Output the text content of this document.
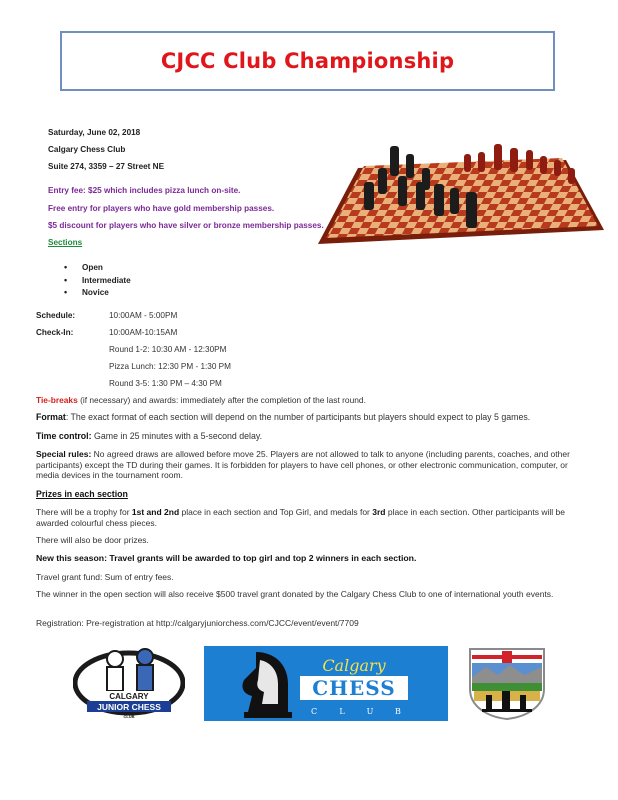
CJCC Club Championship
Saturday, June 02, 2018
Calgary Chess Club
Suite 274, 3359 – 27 Street NE
Entry fee: $25 which includes pizza lunch on-site.
Free entry for players who have gold membership passes.
$5 discount for players who have silver or bronze membership passes.
Sections
• Open
• Intermediate
• Novice
Schedule:	10:00AM - 5:00PM
Check-In:	10:00AM-10:15AM
Round 1-2: 10:30 AM - 12:30PM
Pizza Lunch: 12:30 PM - 1:30 PM
Round 3-5: 1:30 PM – 4:30 PM
Tie-breaks (if necessary) and awards: immediately after the completion of the last round.
Format: The exact format of each section will depend on the number of participants but players should expect to play 5 games.
Time control: Game in 25 minutes with a 5-second delay.
Special rules: No agreed draws are allowed before move 25. Players are not allowed to talk to anyone (including parents, coaches, and other participants) except the TD during their games. It is forbidden for players to have cell phones, or other electronic communication, computer, or media devices in the tournament room.
Prizes in each section
There will be a trophy for 1st and 2nd place in each section and Top Girl, and medals for 3rd place in each section. Other participants will be awarded colourful chess pieces.
There will also be door prizes.
New this season: Travel grants will be awarded to top girl and top 2 winners in each section.
Travel grant fund: Sum of entry fees.
The winner in the open section will also receive $500 travel grant donated by the Calgary Chess Club to one of international youth events.
Registration: Pre-registration at http://calgaryjuniorchess.com/CJCC/event/event/7709
CALGARY
JUNIOR CHESS
CLUB
Calgary
CHESS
C	L	U	B
